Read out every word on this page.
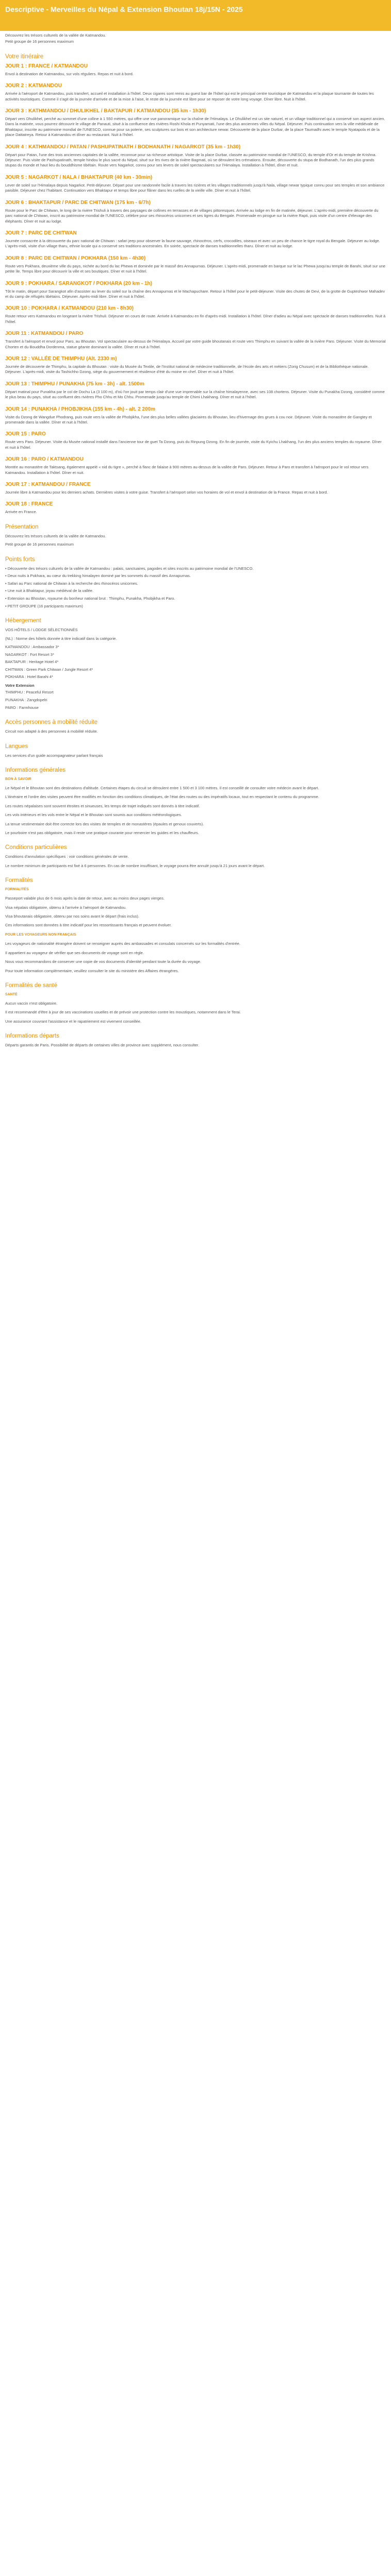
Descriptive - Merveilles du Népal & Extension Bhoutan 18j/15N - 2025

Découvrez les trésors culturels de la vallée de Katmandou.

Petit groupe de 16 personnes maximum

Votre itinéraire
JOUR 1 : FRANCE / KATMANDOU

Envol à destination de Katmandou, sur vols réguliers. Repas et nuit à bord.

JOUR 2 : KATMANDOU

Arrivée à l'aéroport de Katmandou, puis transfert, accueil et installation à l'hôtel. Deux cigares sont remis au guest bar de l'hôtel qui est le principal centre touristique de Katmandou et la plaque tournante de toutes les activités touristiques. Comme il s'agit de la journée d'arrivée et de la mise à l'aise, le reste de la journée est libre pour se reposer de votre long voyage. Dîner libre. Nuit à l'hôtel.

JOUR 3 : KATHMANDOU / DHULIKHEL / BAKTAPUR / KATMANDOU (35 km - 1h30)

Départ vers Dhulikhel, perché au sommet d'une colline à 1 550 mètres, qui offre une vue panoramique sur la chaîne de l'Himalaya. Le Dhulikhel est un site naturel, et un village traditionnel qui a conservé son aspect ancien. Dans la matinée, vous pourrez découvrir le village de Panauti, situé à la confluence des rivières Roshi Khola et Punyamati, l'une des plus anciennes villes du Népal. Déjeuner. Puis continuation vers la ville médiévale de Bhaktapur, inscrite au patrimoine mondial de l'UNESCO, connue pour sa poterie, ses sculptures sur bois et son architecture newar. Découverte de la place Durbar, de la place Taumadhi avec le temple Nyatapola et de la place Dattatreya. Retour à Katmandou et dîner au restaurant. Nuit à l'hôtel.

JOUR 4 : KATHMANDOU / PATAN / PASHUPATINATH / BODHANATH / NAGARKOT (35 km - 1h30)

Départ pour Patan, l'une des trois anciennes capitales de la vallée, reconnue pour sa richesse artistique. Visite de la place Durbar, classée au patrimoine mondial de l'UNESCO, du temple d'Or et du temple de Krishna. Déjeuner. Puis visite de Pashupatinath, temple hindou le plus sacré du Népal, situé sur les rives de la rivière Bagmati, où se déroulent les crémations. Ensuite, découverte du stupa de Bodhanath, l'un des plus grands stupas du monde et haut lieu du bouddhisme tibétain. Route vers Nagarkot, connu pour ses levers de soleil spectaculaires sur l'Himalaya. Installation à l'hôtel, dîner et nuit.

JOUR 5 : NAGARKOT / NALA / BHAKTAPUR (40 km - 30min)

Lever de soleil sur l'Himalaya depuis Nagarkot. Petit-déjeuner. Départ pour une randonnée facile à travers les rizières et les villages traditionnels jusqu'à Nala, village newar typique connu pour ses temples et son ambiance paisible. Déjeuner chez l'habitant. Continuation vers Bhaktapur et temps libre pour flâner dans les ruelles de la vieille ville. Dîner et nuit à l'hôtel.

JOUR 6 : BHAKTAPUR / PARC DE CHITWAN (175 km - 6/7h)

Route pour le Parc de Chitwan, le long de la rivière Trishuli à travers des paysages de collines en terrasses et de villages pittoresques. Arrivée au lodge en fin de matinée, déjeuner. L'après-midi, première découverte du parc national de Chitwan, inscrit au patrimoine mondial de l'UNESCO, célèbre pour ses rhinocéros unicornes et ses tigres du Bengale. Promenade en pirogue sur la rivière Rapti, puis visite d'un centre d'élevage des éléphants. Dîner et nuit au lodge.

JOUR 7 : PARC DE CHITWAN

Journée consacrée à la découverte du parc national de Chitwan : safari jeep pour observer la faune sauvage, rhinocéros, cerfs, crocodiles, oiseaux et avec un peu de chance le tigre royal du Bengale. Déjeuner au lodge. L'après-midi, visite d'un village tharu, ethnie locale qui a conservé ses traditions ancestrales. En soirée, spectacle de danses traditionnelles tharu. Dîner et nuit au lodge.

JOUR 8 : PARC DE CHITWAN / POKHARA (150 km - 4h30)

Route vers Pokhara, deuxième ville du pays, nichée au bord du lac Phewa et dominée par le massif des Annapurnas. Déjeuner. L'après-midi, promenade en barque sur le lac Phewa jusqu'au temple de Barahi, situé sur une petite île. Temps libre pour découvrir la ville et ses boutiques. Dîner et nuit à l'hôtel.

JOUR 9 : POKHARA / SARANGKOT / POKHARA (20 km - 1h)

Tôt le matin, départ pour Sarangkot afin d'assister au lever du soleil sur la chaîne des Annapurnas et le Machapuchare. Retour à l'hôtel pour le petit-déjeuner. Visite des chutes de Devi, de la grotte de Gupteshwor Mahadev et du camp de réfugiés tibétains. Déjeuner. Après-midi libre. Dîner et nuit à l'hôtel.

JOUR 10 : POKHARA / KATMANDOU (210 km - 8h30)

Route retour vers Katmandou en longeant la rivière Trishuli. Déjeuner en cours de route. Arrivée à Katmandou en fin d'après-midi. Installation à l'hôtel. Dîner d'adieu au Népal avec spectacle de danses traditionnelles. Nuit à l'hôtel.

JOUR 11 : KATMANDOU / PARO

Transfert à l'aéroport et envol pour Paro, au Bhoutan. Vol spectaculaire au-dessus de l'Himalaya. Accueil par votre guide bhoutanais et route vers Thimphu en suivant la vallée de la rivière Paro. Déjeuner. Visite du Memorial Chorten et du Bouddha Dordenma, statue géante dominant la vallée. Dîner et nuit à l'hôtel.

JOUR 12 : VALLÉE DE THIMPHU (Alt. 2330 m)

Journée de découverte de Thimphu, la capitale du Bhoutan : visite du Musée du Textile, de l'Institut national de médecine traditionnelle, de l'école des arts et métiers (Zorig Chusum) et de la Bibliothèque nationale. Déjeuner. L'après-midi, visite du Tashichho Dzong, siège du gouvernement et résidence d'été du moine en chef. Dîner et nuit à l'hôtel.

JOUR 13 : THIMPHU / PUNAKHA (75 km - 3h) - alt. 1500m

Départ matinal pour Punakha par le col de Dochu La (3 100 m), d'où l'on jouit par temps clair d'une vue imprenable sur la chaîne himalayenne, avec ses 108 chortens. Déjeuner. Visite du Punakha Dzong, considéré comme le plus beau du pays, situé au confluent des rivières Pho Chhu et Mo Chhu. Promenade jusqu'au temple de Chimi Lhakhang. Dîner et nuit à l'hôtel.

JOUR 14 : PUNAKHA / PHOBJIKHA (155 km - 4h) - alt. 2 200m

Visite du Dzong de Wangdue Phodrang, puis route vers la vallée de Phobjikha, l'une des plus belles vallées glaciaires du Bhoutan, lieu d'hivernage des grues à cou noir. Déjeuner. Visite du monastère de Gangtey et promenade dans la vallée. Dîner et nuit à l'hôtel.

JOUR 15 : PARO

Route vers Paro. Déjeuner. Visite du Musée national installé dans l'ancienne tour de guet Ta Dzong, puis du Rinpung Dzong. En fin de journée, visite du Kyichu Lhakhang, l'un des plus anciens temples du royaume. Dîner et nuit à l'hôtel.

JOUR 16 : PARO / KATMANDOU

Montée au monastère de Taktsang, également appelé « nid du tigre », perché à flanc de falaise à 900 mètres au-dessus de la vallée de Paro. Déjeuner. Retour à Paro et transfert à l'aéroport pour le vol retour vers Katmandou. Installation à l'hôtel. Dîner et nuit.

JOUR 17 : KATMANDOU / FRANCE

Journée libre à Katmandou pour les derniers achats. Dernières visites à votre guise. Transfert à l'aéroport selon vos horaires de vol et envol à destination de la France. Repas et nuit à bord.

JOUR 18 : FRANCE

Arrivée en France.

Présentation

Découvrez les trésors culturels de la vallée de Katmandou.

Petit groupe de 16 personnes maximum

Points forts

• Découverte des trésors culturels de la vallée de Katmandou : palais, sanctuaires, pagodes et sites inscrits au patrimoine mondial de l'UNESCO.

• Deux nuits à Pokhara, au cœur du trekking himalayen dominé par les sommets du massif des Annapurnas.

• Safari au Parc national de Chitwan à la recherche des rhinocéros unicornes.

• Une nuit à Bhaktapur, joyau médiéval de la vallée.

• Extension au Bhoutan, royaume du bonheur national brut : Thimphu, Punakha, Phobjikha et Paro.

• PETIT GROUPE (16 participants maximum)

Hébergement

VOS HÔTELS / LODGE SÉLECTIONNÉS

(NL) : Norme des hôtels donnée à titre indicatif dans la catégorie.

KATMANDOU : Ambassador 3*

NAGARKOT : Fort Resort 3*

BAKTAPUR : Heritage Hotel 4*

CHITWAN : Green Park Chitwan / Jungle Resort 4*

POKHARA : Hotel Barahi 4*

Votre Extension

THIMPHU : Peaceful Resort

PUNAKHA : Zangdopelri

PARO : Farmhouse

Accès personnes à mobilité réduite

Circuit non adapté à des personnes à mobilité réduite.

Langues

Les services d'un guide accompagnateur parlant français

Informations générales

BON À SAVOIR

Le Népal et le Bhoutan sont des destinations d'altitude. Certaines étapes du circuit se déroulent entre 1 500 et 3 100 mètres. Il est conseillé de consulter votre médecin avant le départ.

L'itinéraire et l'ordre des visites peuvent être modifiés en fonction des conditions climatiques, de l'état des routes ou des impératifs locaux, tout en respectant le contenu du programme.

Les routes népalaises sont souvent étroites et sinueuses, les temps de trajet indiqués sont donnés à titre indicatif.

Les vols intérieurs et les vols entre le Népal et le Bhoutan sont soumis aux conditions météorologiques.

La tenue vestimentaire doit être correcte lors des visites de temples et de monastères (épaules et genoux couverts).

Le pourboire n'est pas obligatoire, mais il reste une pratique courante pour remercier les guides et les chauffeurs.

Conditions particulières

Conditions d'annulation spécifiques : voir conditions générales de vente.

Le nombre minimum de participants est fixé à 6 personnes. En cas de nombre insuffisant, le voyage pourra être annulé jusqu'à 21 jours avant le départ.

Formalités

FORMALITÉS

Passeport valable plus de 6 mois après la date de retour, avec au moins deux pages vierges.

Visa népalais obligatoire, obtenu à l'arrivée à l'aéroport de Katmandou.

Visa bhoutanais obligatoire, obtenu par nos soins avant le départ (frais inclus).

Ces informations sont données à titre indicatif pour les ressortissants français et peuvent évoluer.

POUR LES VOYAGEURS NON FRANÇAIS

Les voyageurs de nationalité étrangère doivent se renseigner auprès des ambassades et consulats concernés sur les formalités d'entrée.

Il appartient au voyageur de vérifier que ses documents de voyage sont en règle.

Nous vous recommandons de conserver une copie de vos documents d'identité pendant toute la durée du voyage.

Pour toute information complémentaire, veuillez consulter le site du ministère des Affaires étrangères.

Formalités de santé

SANTÉ

Aucun vaccin n'est obligatoire.

Il est recommandé d'être à jour de ses vaccinations usuelles et de prévoir une protection contre les moustiques, notamment dans le Terai.

Une assurance couvrant l'assistance et le rapatriement est vivement conseillée.

Informations départs

Départs garantis de Paris. Possibilité de départs de certaines villes de province avec supplément, nous consulter.
